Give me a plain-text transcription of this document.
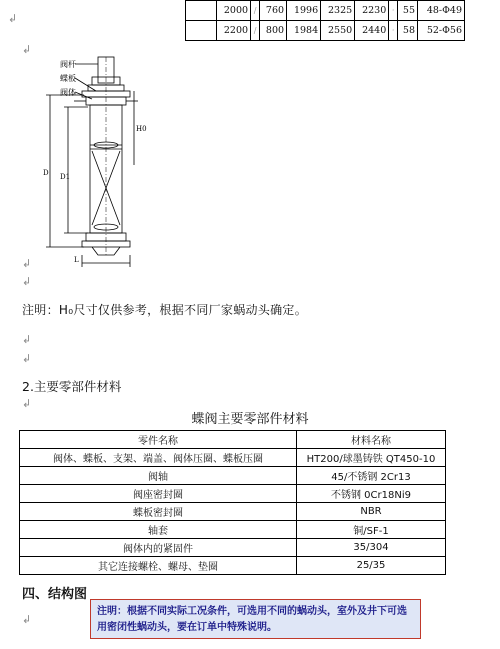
↲
↲
↲
↲
↲
↲
↲
↲
	2000	/	760	1996	2325	2230	·	55	48-Φ49
	2200	/	800	1984	2550	2440	·	58	52-Φ56
阀杆
蝶板
阀体
D D1
H0
L
注明：H₀尺寸仅供参考，根据不同厂家蜗动头确定。
2.主要零部件材料
蝶阀主要零部件材料
零件名称	材料名称
阀体、蝶板、支架、端盖、阀体压圈、蝶板压圈	HT200/球墨铸铁 QT450-10
阀轴	45/不锈钢 2Cr13
阀座密封圈	不锈钢 0Cr18Ni9
蝶板密封圈	NBR
轴套	铜/SF-1
阀体内的紧固件	35/304
其它连接螺栓、螺母、垫圈	25/35
四、结构图
注明：根据不同实际工况条件，可选用不同的蜗动头，室外及井下可选用密闭性蜗动头，要在订单中特殊说明。
